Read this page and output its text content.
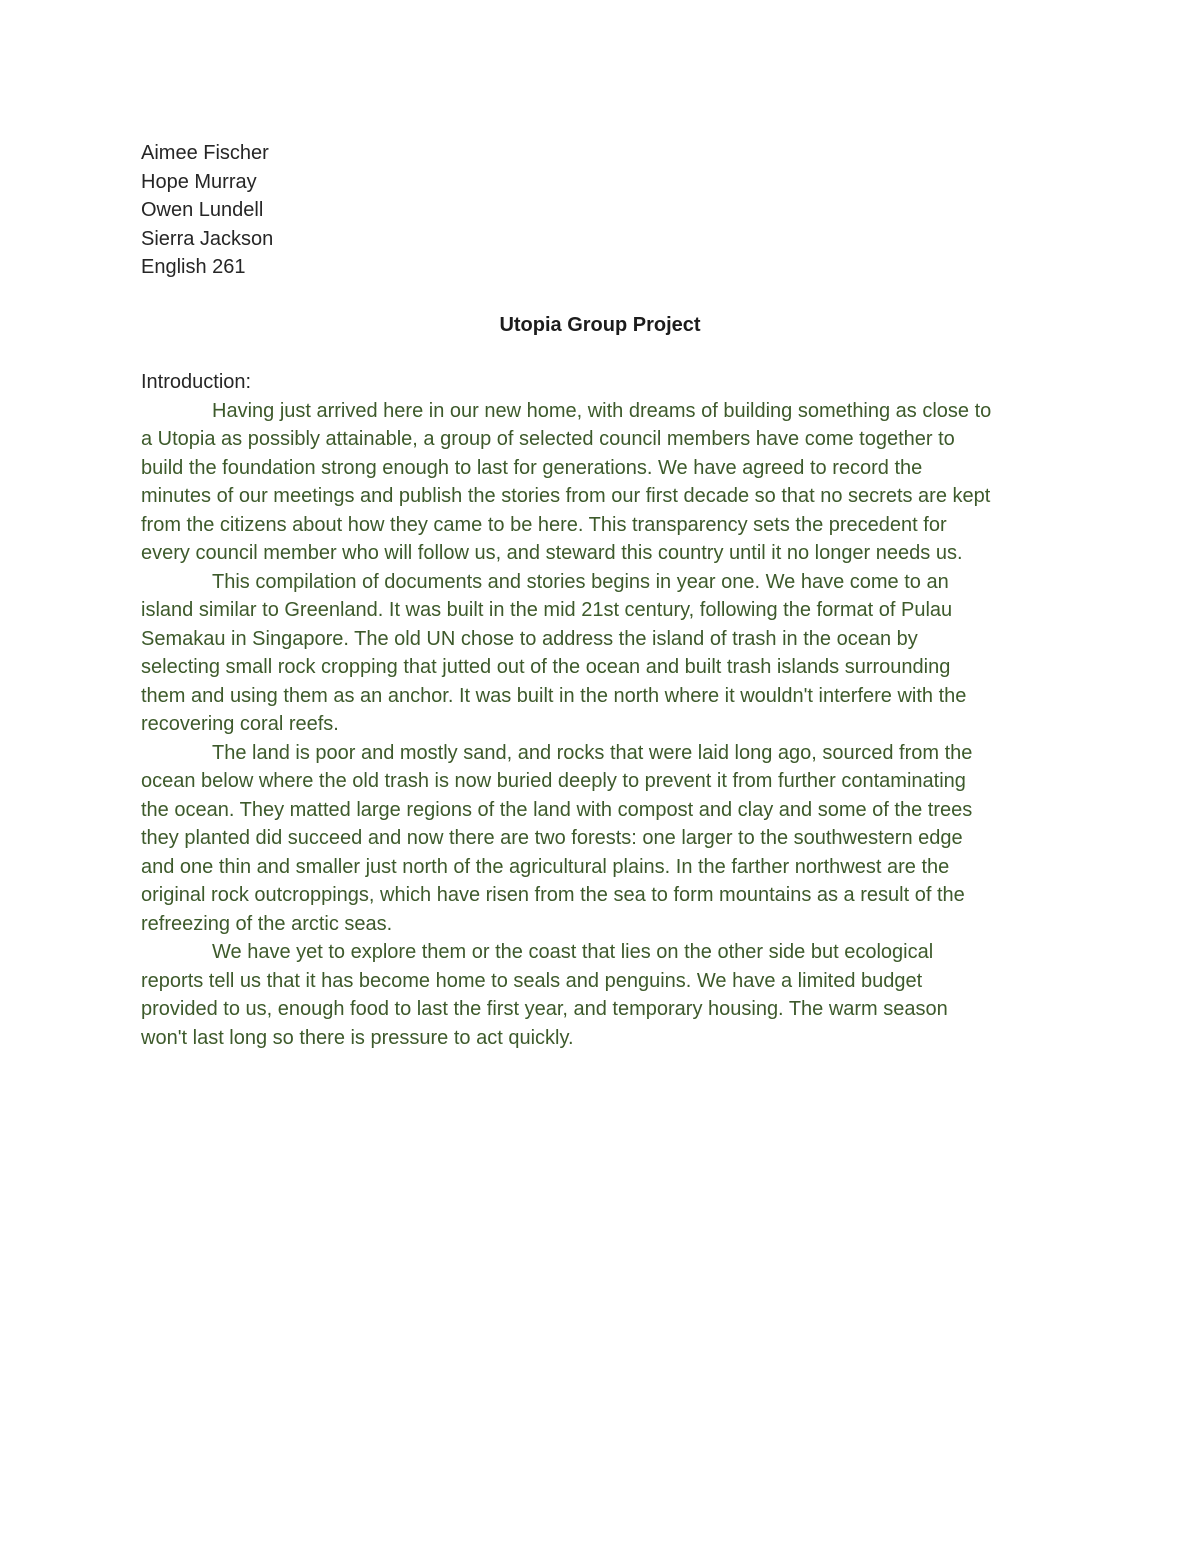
Aimee Fischer
Hope Murray
Owen Lundell
Sierra Jackson
English 261
Utopia Group Project
Introduction:
Having just arrived here in our new home, with dreams of building something as close to
a Utopia as possibly attainable, a group of selected council members have come together to
build the foundation strong enough to last for generations. We have agreed to record the
minutes of our meetings and publish the stories from our first decade so that no secrets are kept
from the citizens about how they came to be here. This transparency sets the precedent for
every council member who will follow us, and steward this country until it no longer needs us.
This compilation of documents and stories begins in year one. We have come to an
island similar to Greenland. It was built in the mid 21st century, following the format of Pulau
Semakau in Singapore. The old UN chose to address the island of trash in the ocean by
selecting small rock cropping that jutted out of the ocean and built trash islands surrounding
them and using them as an anchor. It was built in the north where it wouldn't interfere with the
recovering coral reefs.
The land is poor and mostly sand, and rocks that were laid long ago, sourced from the
ocean below where the old trash is now buried deeply to prevent it from further contaminating
the ocean. They matted large regions of the land with compost and clay and some of the trees
they planted did succeed and now there are two forests: one larger to the southwestern edge
and one thin and smaller just north of the agricultural plains. In the farther northwest are the
original rock outcroppings, which have risen from the sea to form mountains as a result of the
refreezing of the arctic seas.
We have yet to explore them or the coast that lies on the other side but ecological
reports tell us that it has become home to seals and penguins. We have a limited budget
provided to us, enough food to last the first year, and temporary housing. The warm season
won't last long so there is pressure to act quickly.
